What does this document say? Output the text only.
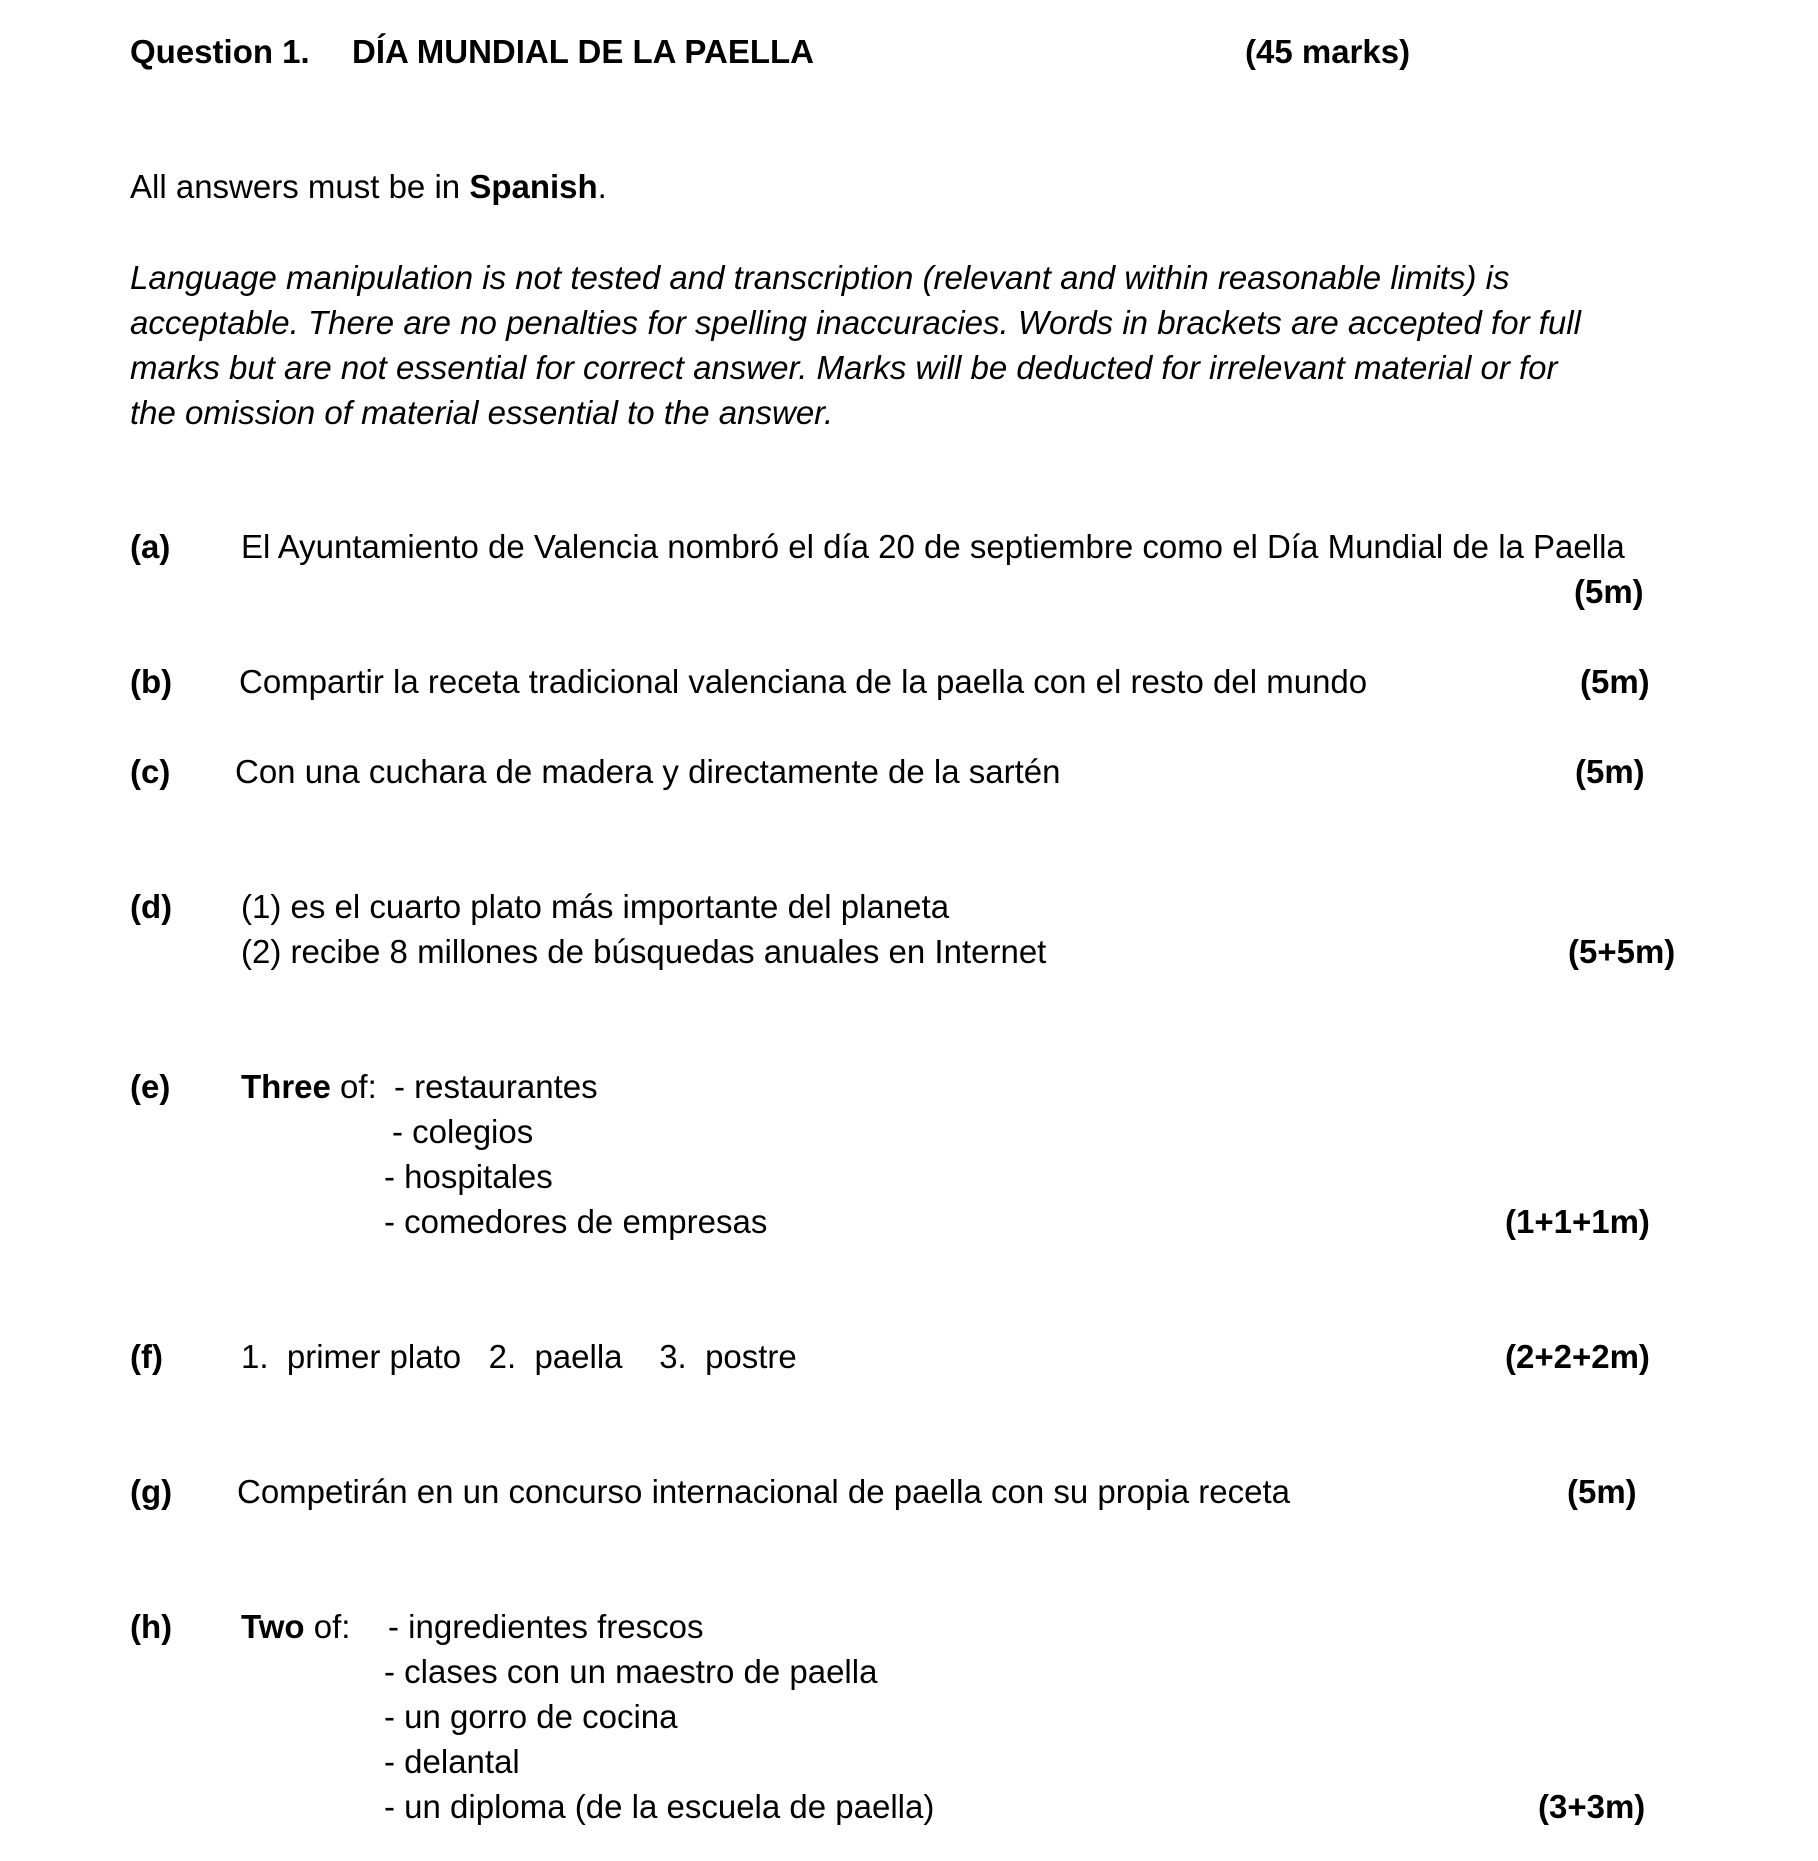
Question 1. DÍA MUNDIAL DE LA PAELLA	(45 marks)
All answers must be in Spanish.
Language manipulation is not tested and transcription (relevant and within reasonable limits) is
acceptable. There are no penalties for spelling inaccuracies. Words in brackets are accepted for full
marks but are not essential for correct answer. Marks will be deducted for irrelevant material or for
the omission of material essential to the answer.
(a) El Ayuntamiento de Valencia nombró el día 20 de septiembre como el Día Mundial de la Paella
(5m)
(b) Compartir la receta tradicional valenciana de la paella con el resto del mundo	(5m)
(c) Con una cuchara de madera y directamente de la sartén	(5m)
(d) (1) es el cuarto plato más importante del planeta
(2) recibe 8 millones de búsquedas anuales en Internet	(5+5m)
(e) Three of: - restaurantes
- colegios
- hospitales
- comedores de empresas	(1+1+1m)
(f) 1.  primer plato   2.  paella    3.  postre	(2+2+2m)
(g) Competirán en un concurso internacional de paella con su propia receta	(5m)
(h) Two of: - ingredientes frescos
- clases con un maestro de paella
- un gorro de cocina
- delantal
- un diploma (de la escuela de paella)	(3+3m)
